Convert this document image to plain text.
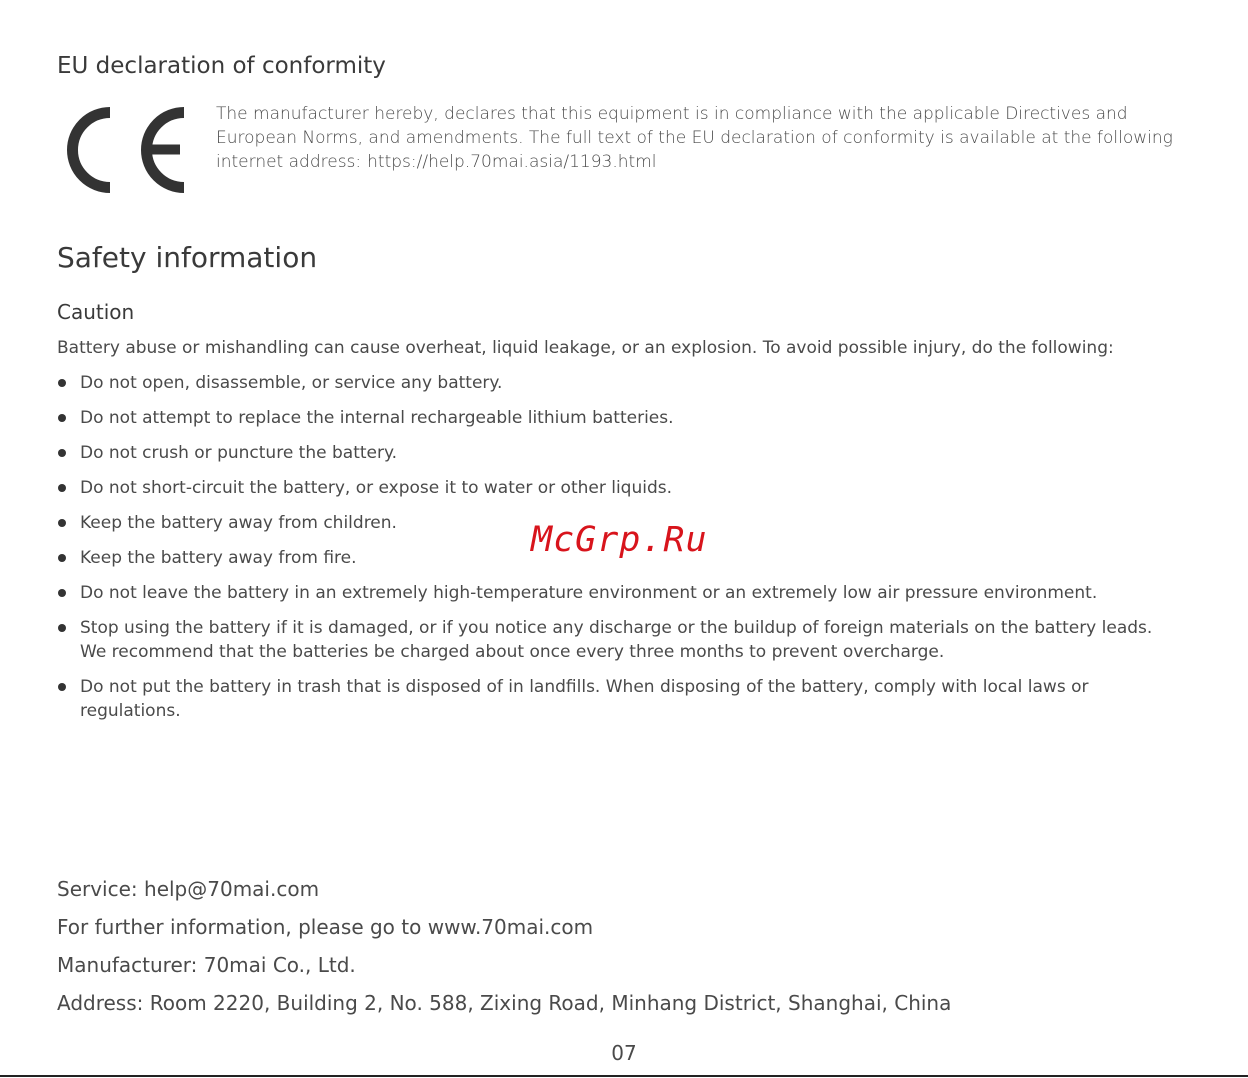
EU declaration of conformity

The manufacturer hereby, declares that this equipment is in compliance with the applicable Directives and European Norms, and amendments. The full text of the EU declaration of conformity is available at the following internet address: https://help.70mai.asia/1193.html

Safety information
Caution

Battery abuse or mishandling can cause overheat, liquid leakage, or an explosion. To avoid possible injury, do the following:

Do not open, disassemble, or service any battery.
Do not attempt to replace the internal rechargeable lithium batteries.
Do not crush or puncture the battery.
Do not short-circuit the battery, or expose it to water or other liquids.
Keep the battery away from children.
Keep the battery away from fire.
Do not leave the battery in an extremely high-temperature environment or an extremely low air pressure environment.
Stop using the battery if it is damaged, or if you notice any discharge or the buildup of foreign materials on the battery leads. We recommend that the batteries be charged about once every three months to prevent overcharge.
Do not put the battery in trash that is disposed of in landfills. When disposing of the battery, comply with local laws or regulations.
McGrp.Ru

Service: help@70mai.com

For further information, please go to www.70mai.com

Manufacturer: 70mai Co., Ltd.

Address: Room 2220, Building 2, No. 588, Zixing Road, Minhang District, Shanghai, China

07
